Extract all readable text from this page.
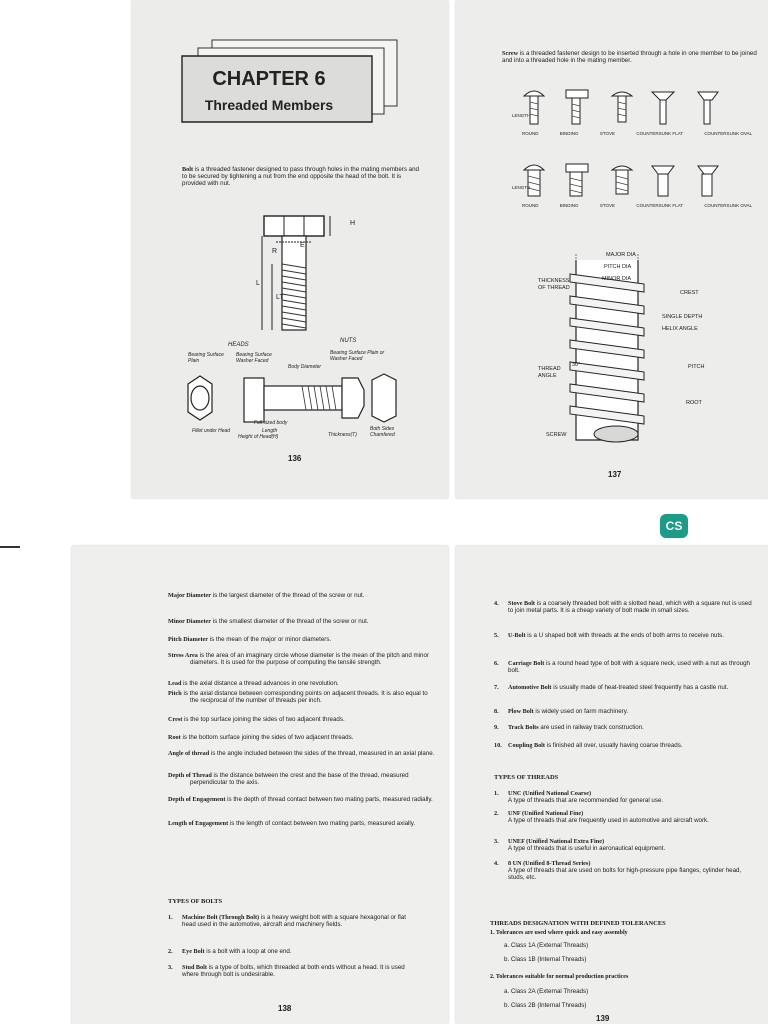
CHAPTER 6
Threaded Members
Bolt is a threaded fastener designed to pass through holes in the mating members and to be secured by tightening a nut from the end opposite the head of the bolt. It is provided with nut.
H
R
E
L
LT
HEADS
NUTS
Bearing Surface Plain
Bearing Surface Washer Faced
Body Diameter
Bearing Surface Plain or Washer Faced
Fillet under Head
Full sized body
Length
Height of Head(H)	Thickness(T)
Both Sides Chamfered
136
Screw is a threaded fastener design to be inserted through a hole in one member to be joined and into a threaded hole in the mating member.
LENGTH
ROUND	BINDING	STOVE	COUNTERSUNK FLAT	COUNTERSUNK OVAL
LENGTH
ROUND	BINDING	STOVE	COUNTERSUNK FLAT	COUNTERSUNK OVAL
MAJOR DIA
PITCH DIA
MINOR DIA
THICKNESS OF THREAD
CREST
SINGLE DEPTH
HELIX ANGLE
THREAD ANGLE
30°	PITCH
ROOT
SCREW
137
CS
Major Diameter is the largest diameter of the thread of the screw or nut.
Minor Diameter is the smallest diameter of the thread of the screw or nut.
Pitch Diameter is the mean of the major or minor diameters.
Stress Area is the area of an imaginary circle whose diameter is the mean of the pitch and minor diameters. It is used for the purpose of computing the tensile strength.
Lead is the axial distance a thread advances in one revolution.
Pitch is the axial distance between corresponding points on adjacent threads. It is also equal to the reciprocal of the number of threads per inch.
Crest is the top surface joining the sides of two adjacent threads.
Root is the bottom surface joining the sides of two adjacent threads.
Angle of thread is the angle included between the sides of the thread, measured in an axial plane.
Depth of Thread is the distance between the crest and the base of the thread, measured perpendicular to the axis.
Depth of Engagement is the depth of thread contact between two mating parts, measured radially.
Length of Engagement is the length of contact between two mating parts, measured axially.
TYPES OF BOLTS
1. Machine Bolt (Through Bolt) is a heavy weight bolt with a square hexagonal or flat head used in the automotive, aircraft and machinery fields.
2. Eye Bolt is a bolt with a loop at one end.
3. Stud Bolt is a type of bolts, which threaded at both ends without a head. It is used where through bolt is undesirable.
138
4. Stove Bolt is a coarsely threaded bolt with a slotted head, which with a square nut is used to join metal parts. It is a cheap variety of bolt made in small sizes.
5. U-Bolt is a U shaped bolt with threads at the ends of both arms to receive nuts.
6. Carriage Bolt is a round head type of bolt with a square neck, used with a nut as through bolt.
7. Automotive Bolt is usually made of heat-treated steel frequently has a castle nut.
8. Plow Bolt is widely used on farm machinery.
9. Track Bolts are used in railway track construction.
10. Coupling Bolt is finished all over, usually having coarse threads.
TYPES OF THREADS
1. UNC (Unified National Coarse)
A type of threads that are recommended for general use.
2. UNF (Unified National Fine)
A type of threads that are frequently used in automotive and aircraft work.
3. UNEF (Unified National Extra Fine)
A type of threads that is useful in aeronautical equipment.
4. 8 UN (Unified 8-Thread Series)
A type of threads that are used on bolts for high-pressure pipe flanges, cylinder head, studs, etc.
THREADS DESIGNATION WITH DEFINED TOLERANCES
1. Tolerances are used where quick and easy assembly
a. Class 1A (External Threads)
b. Class 1B (Internal Threads)
2. Tolerances suitable for normal production practices
a. Class 2A (External Threads)
b. Class 2B (Internal Threads)
139
